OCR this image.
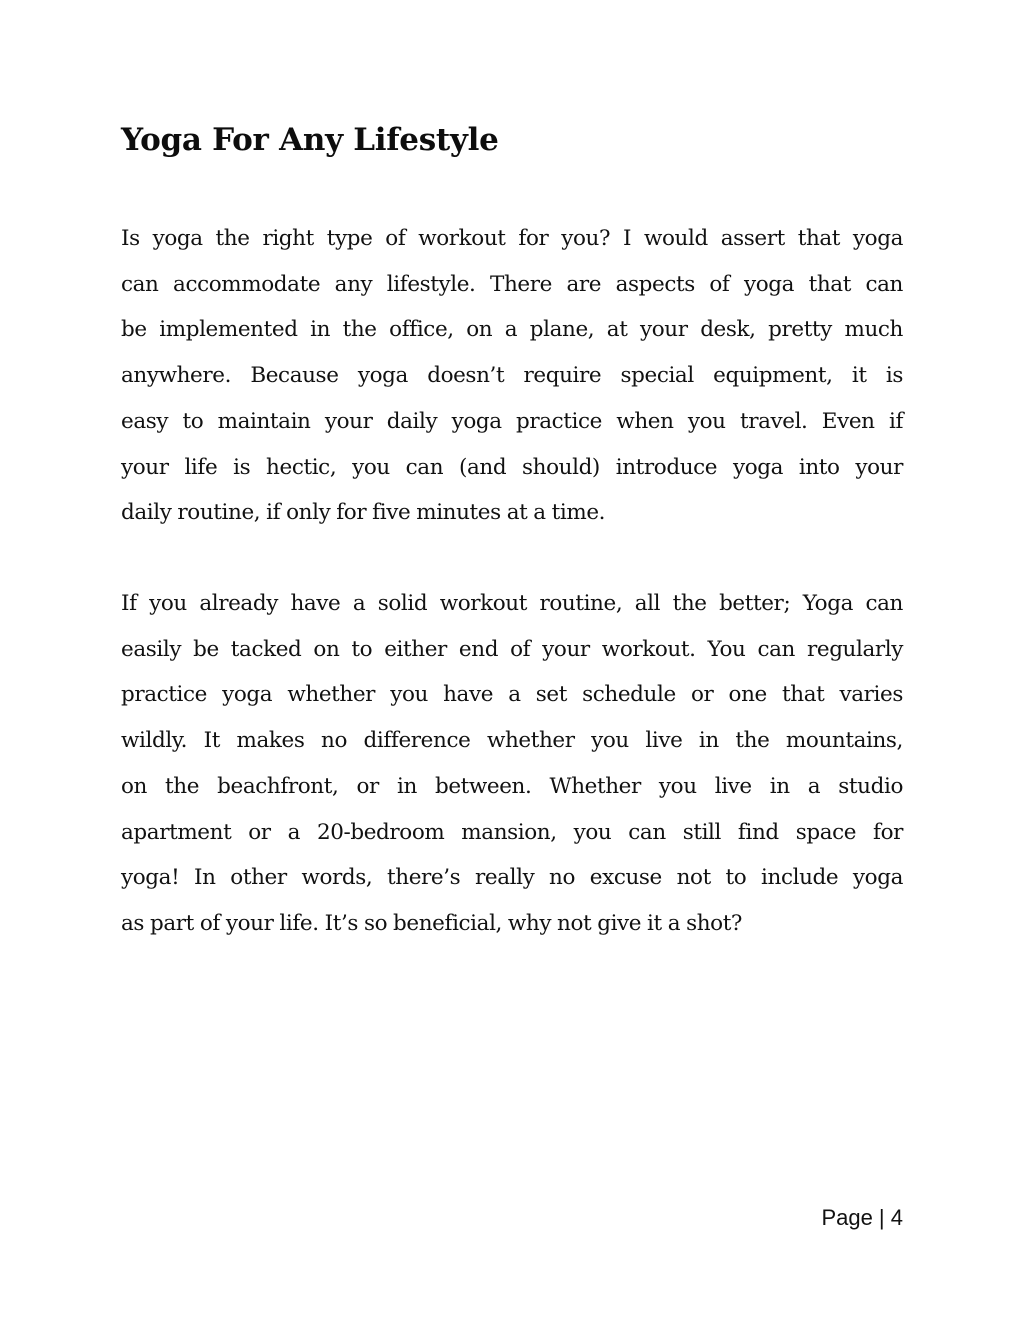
Yoga For Any Lifestyle
Is yoga the right type of workout for you? I would assert that yoga
can accommodate any lifestyle. There are aspects of yoga that can
be implemented in the office, on a plane, at your desk, pretty much
anywhere. Because yoga doesn’t require special equipment, it is
easy to maintain your daily yoga practice when you travel. Even if
your life is hectic, you can (and should) introduce yoga into your
daily routine, if only for five minutes at a time.
If you already have a solid workout routine, all the better; Yoga can
easily be tacked on to either end of your workout. You can regularly
practice yoga whether you have a set schedule or one that varies
wildly. It makes no difference whether you live in the mountains,
on the beachfront, or in between. Whether you live in a studio
apartment or a 20-bedroom mansion, you can still find space for
yoga! In other words, there’s really no excuse not to include yoga
as part of your life. It’s so beneficial, why not give it a shot?
Page | 4
